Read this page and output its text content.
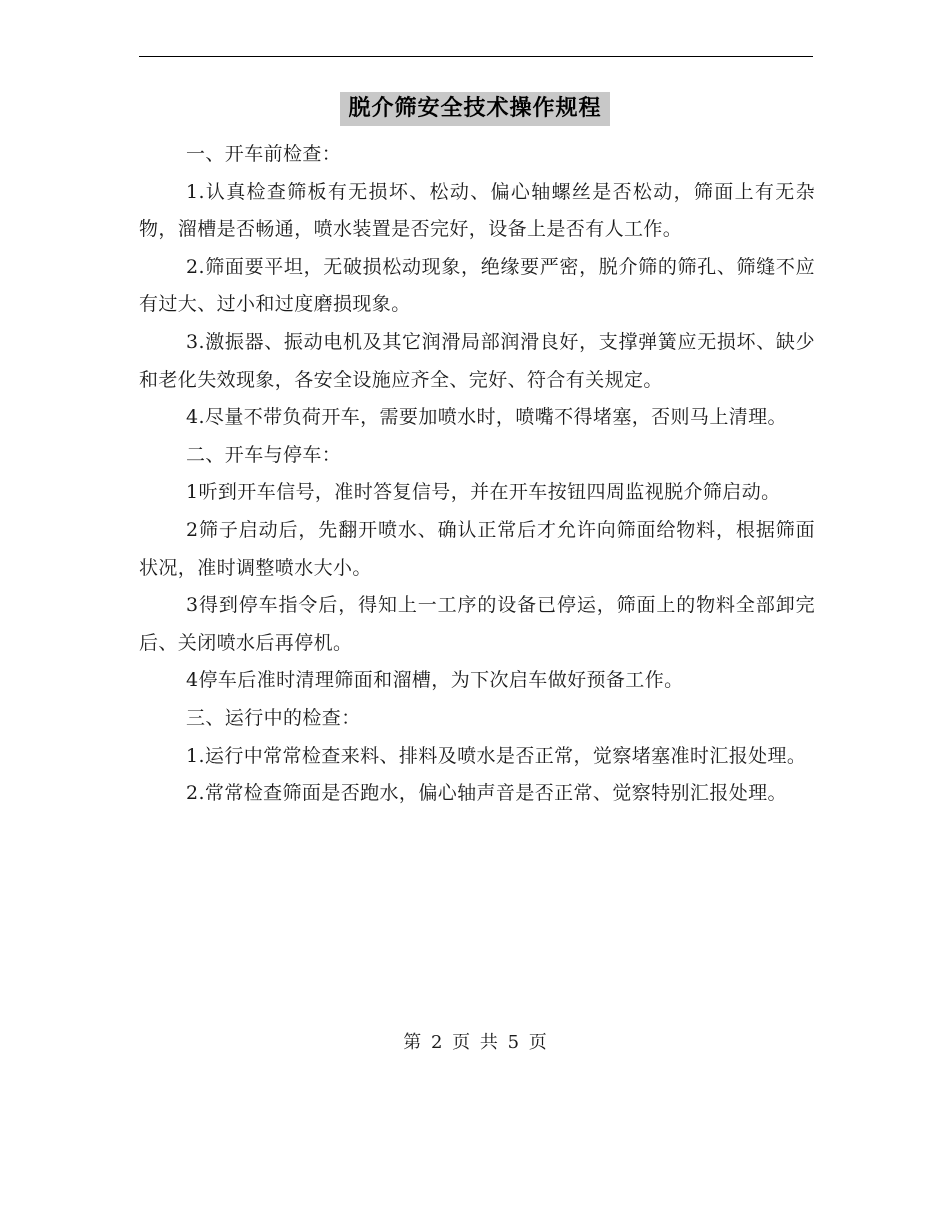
脱介筛安全技术操作规程

一、开车前检查：

1.认真检查筛板有无损坏、松动、偏心轴螺丝是否松动，筛面上有无杂物，溜槽是否畅通，喷水装置是否完好，设备上是否有人工作。

2.筛面要平坦，无破损松动现象，绝缘要严密，脱介筛的筛孔、筛缝不应有过大、过小和过度磨损现象。

3.激振器、振动电机及其它润滑局部润滑良好，支撑弹簧应无损坏、缺少和老化失效现象，各安全设施应齐全、完好、符合有关规定。

4.尽量不带负荷开车，需要加喷水时，喷嘴不得堵塞，否则马上清理。

二、开车与停车：

1听到开车信号，准时答复信号，并在开车按钮四周监视脱介筛启动。

2筛子启动后，先翻开喷水、确认正常后才允许向筛面给物料，根据筛面状况，准时调整喷水大小。

3得到停车指令后，得知上一工序的设备已停运，筛面上的物料全部卸完后、关闭喷水后再停机。

4停车后准时清理筛面和溜槽，为下次启车做好预备工作。

三、运行中的检查：

1.运行中常常检查来料、排料及喷水是否正常，觉察堵塞准时汇报处理。

2.常常检查筛面是否跑水，偏心轴声音是否正常、觉察特别汇报处理。

第 2 页 共 5 页
